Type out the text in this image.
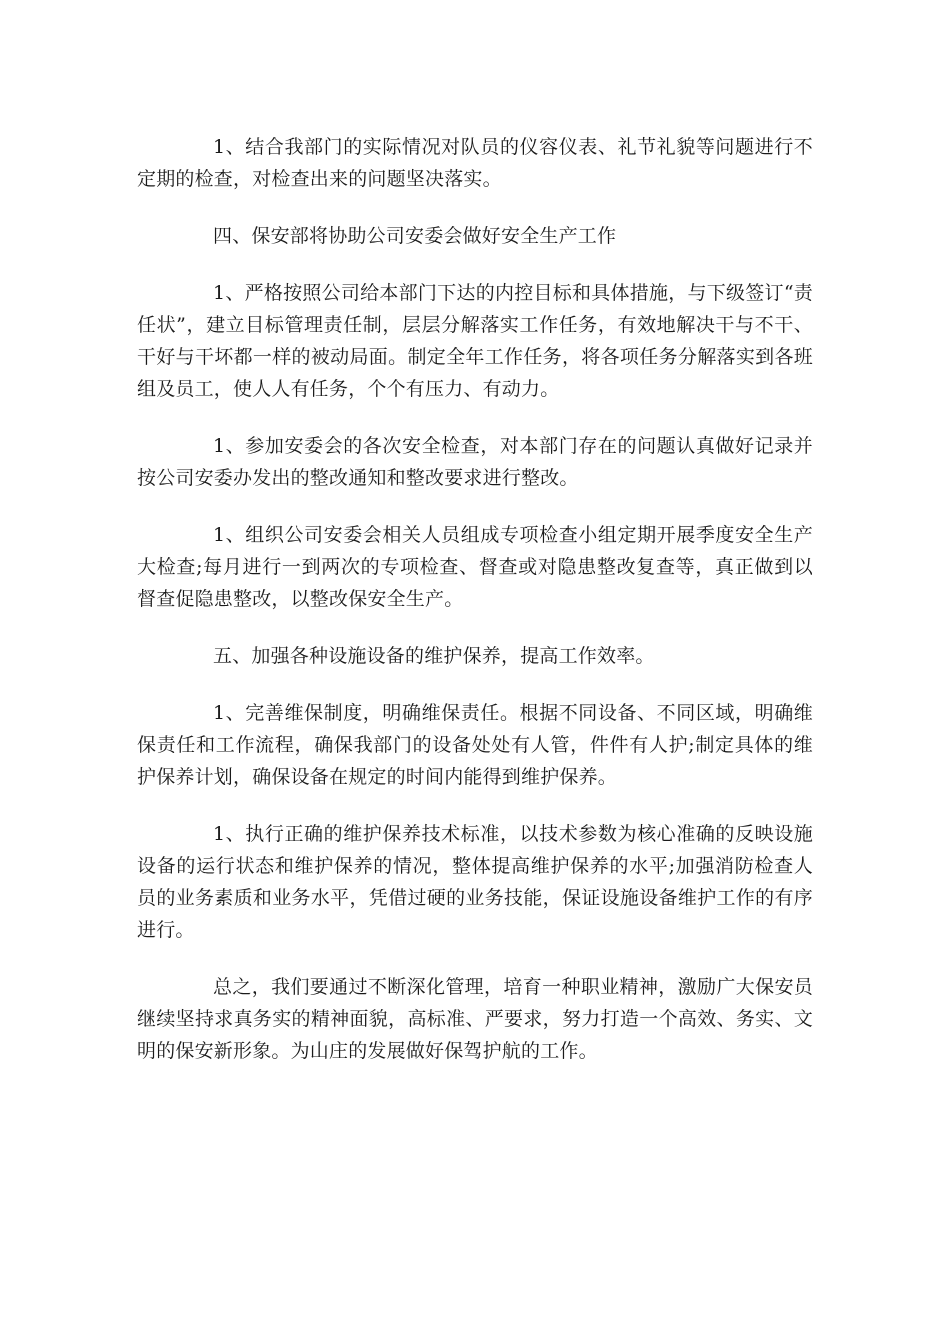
1、结合我部门的实际情况对队员的仪容仪表、礼节礼貌等问题进行不定期的检查，对检查出来的问题坚决落实。

四、保安部将协助公司安委会做好安全生产工作

1、严格按照公司给本部门下达的内控目标和具体措施，与下级签订“责任状”，建立目标管理责任制，层层分解落实工作任务，有效地解决干与不干、干好与干坏都一样的被动局面。制定全年工作任务，将各项任务分解落实到各班组及员工，使人人有任务，个个有压力、有动力。

1、参加安委会的各次安全检查，对本部门存在的问题认真做好记录并按公司安委办发出的整改通知和整改要求进行整改。

1、组织公司安委会相关人员组成专项检查小组定期开展季度安全生产大检查;每月进行一到两次的专项检查、督查或对隐患整改复查等，真正做到以督查促隐患整改，以整改保安全生产。

五、加强各种设施设备的维护保养，提高工作效率。

1、完善维保制度，明确维保责任。根据不同设备、不同区域，明确维保责任和工作流程，确保我部门的设备处处有人管，件件有人护;制定具体的维护保养计划，确保设备在规定的时间内能得到维护保养。

1、执行正确的维护保养技术标准，以技术参数为核心准确的反映设施设备的运行状态和维护保养的情况，整体提高维护保养的水平;加强消防检查人员的业务素质和业务水平，凭借过硬的业务技能，保证设施设备维护工作的有序进行。

总之，我们要通过不断深化管理，培育一种职业精神，激励广大保安员继续坚持求真务实的精神面貌，高标准、严要求，努力打造一个高效、务实、文明的保安新形象。为山庄的发展做好保驾护航的工作。
